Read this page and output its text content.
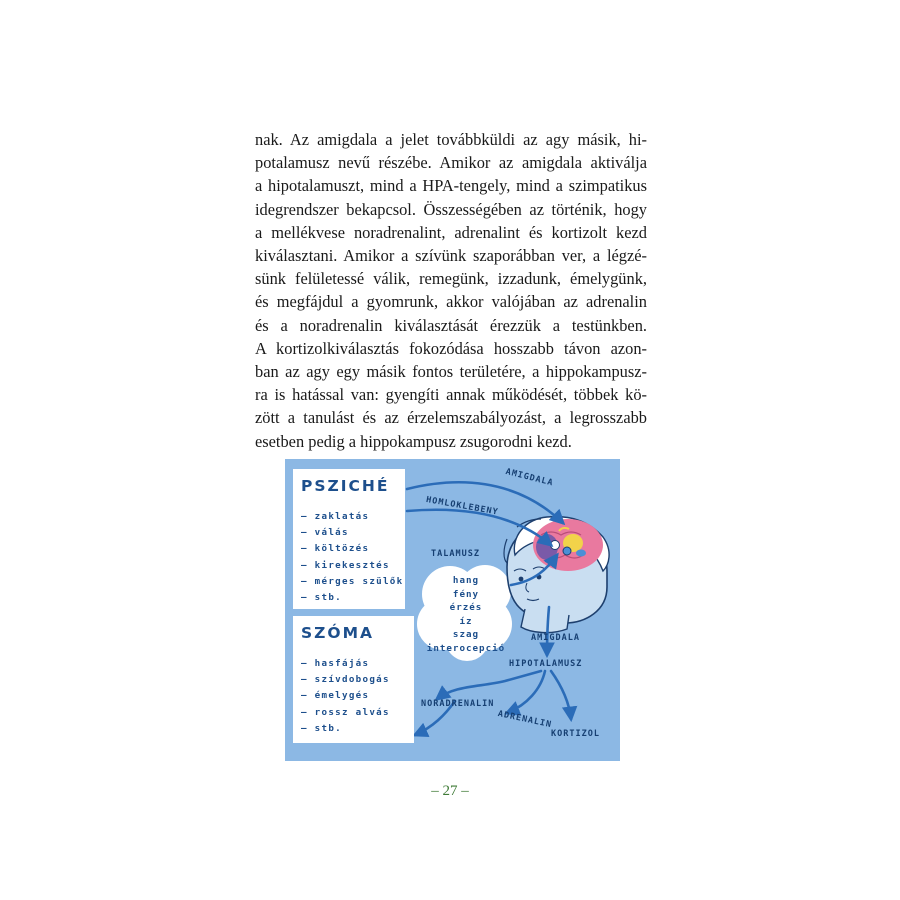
nak. Az amigdala a jelet továbbküldi az agy másik, hi-
potalamusz nevű részébe. Amikor az amigdala aktiválja
a hipotalamuszt, mind a HPA-tengely, mind a szimpatikus
idegrendszer bekapcsol. Összességében az történik, hogy
a mellékvese noradrenalint, adrenalint és kortizolt kezd
kiválasztani. Amikor a szívünk szaporábban ver, a légzé-
sünk felületessé válik, remegünk, izzadunk, émelygünk,
és megfájdul a gyomrunk, akkor valójában az adrenalin
és a noradrenalin kiválasztását érezzük a testünkben.
A kortizolkiválasztás fokozódása hosszabb távon azon-
ban az agy egy másik fontos területére, a hippokampusz-
ra is hatással van: gyengíti annak működését, többek kö-
zött a tanulást és az érzelemszabályozást, a legrosszabb
esetben pedig a hippokampusz zsugorodni kezd.
PSZICHÉ
– zaklatás
– válás
– költözés
– kirekesztés
– mérges szülők
– stb.
SZÓMA
– hasfájás
– szívdobogás
– émelygés
– rossz alvás
– stb.
hang
fény
érzés
íz
szag
interocepció
AMIGDALA
HOMLOKLEBENY
TALAMUSZ
AMIGDALA
HIPOTALAMUSZ
NORADRENALIN
ADRENALIN
KORTIZOL
– 27 –
